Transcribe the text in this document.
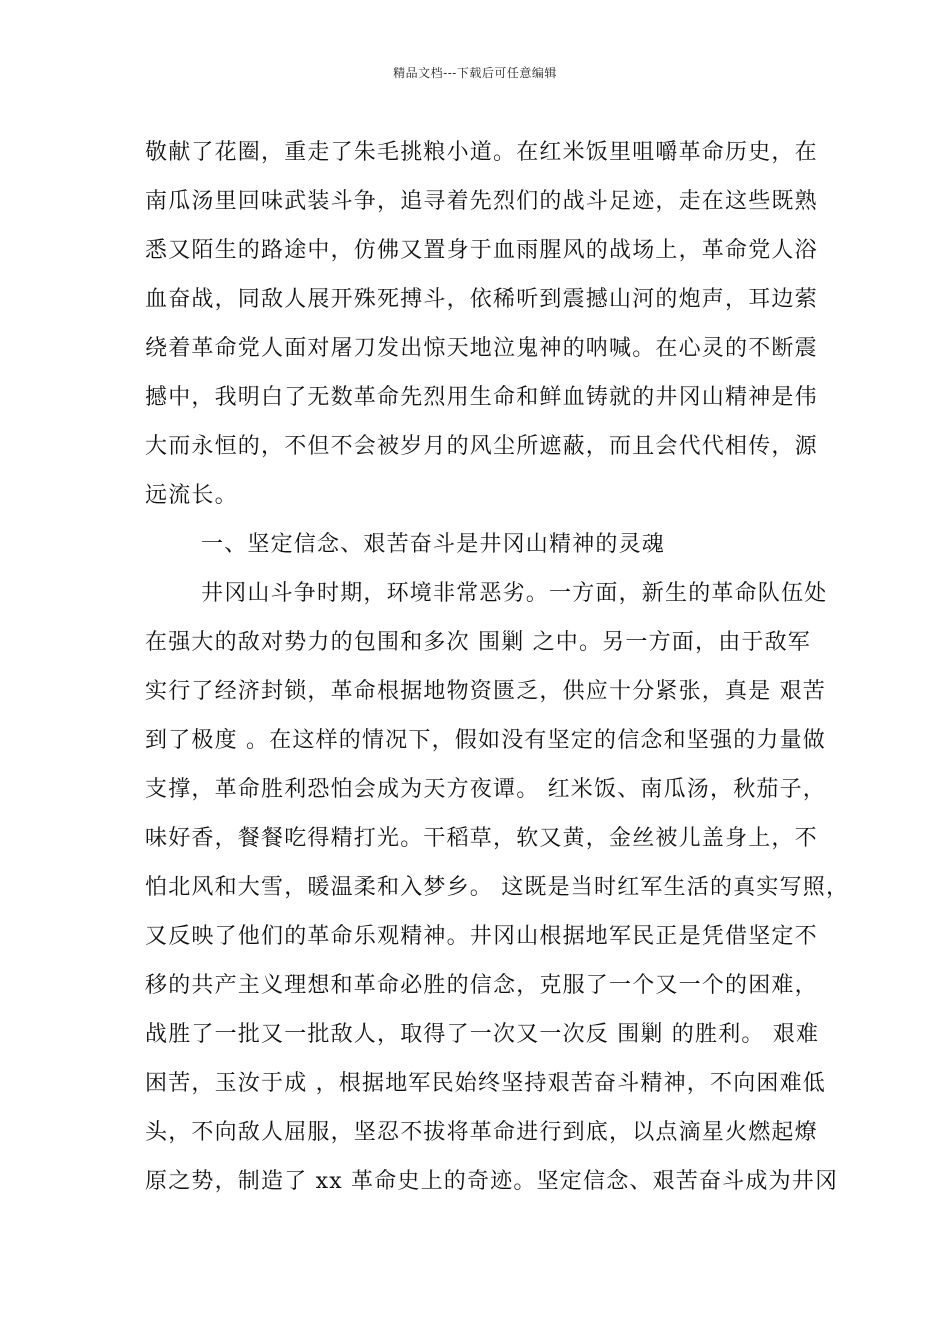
精品文档---下载后可任意编辑
敬献了花圈，重走了朱毛挑粮小道。在红米饭里咀嚼革命历史，在
南瓜汤里回味武装斗争，追寻着先烈们的战斗足迹，走在这些既熟
悉又陌生的路途中，仿佛又置身于血雨腥风的战场上，革命党人浴
血奋战，同敌人展开殊死搏斗，依稀听到震撼山河的炮声，耳边萦
绕着革命党人面对屠刀发出惊天地泣鬼神的呐喊。在心灵的不断震
撼中，我明白了无数革命先烈用生命和鲜血铸就的井冈山精神是伟
大而永恒的，不但不会被岁月的风尘所遮蔽，而且会代代相传，源
远流长。
一、坚定信念、艰苦奋斗是井冈山精神的灵魂
井冈山斗争时期，环境非常恶劣。一方面，新生的革命队伍处
在强大的敌对势力的包围和多次 围剿 之中。另一方面，由于敌军
实行了经济封锁，革命根据地物资匮乏，供应十分紧张，真是 艰苦
到了极度 。在这样的情况下，假如没有坚定的信念和坚强的力量做
支撑，革命胜利恐怕会成为天方夜谭。 红米饭、南瓜汤，秋茄子，
味好香，餐餐吃得精打光。干稻草，软又黄，金丝被儿盖身上，不
怕北风和大雪，暖温柔和入梦乡。 这既是当时红军生活的真实写照，
又反映了他们的革命乐观精神。井冈山根据地军民正是凭借坚定不
移的共产主义理想和革命必胜的信念，克服了一个又一个的困难，
战胜了一批又一批敌人，取得了一次又一次反 围剿 的胜利。 艰难
困苦，玉汝于成 ，根据地军民始终坚持艰苦奋斗精神，不向困难低
头，不向敌人屈服，坚忍不拔将革命进行到底，以点滴星火燃起燎
原之势，制造了 xx 革命史上的奇迹。坚定信念、艰苦奋斗成为井冈
